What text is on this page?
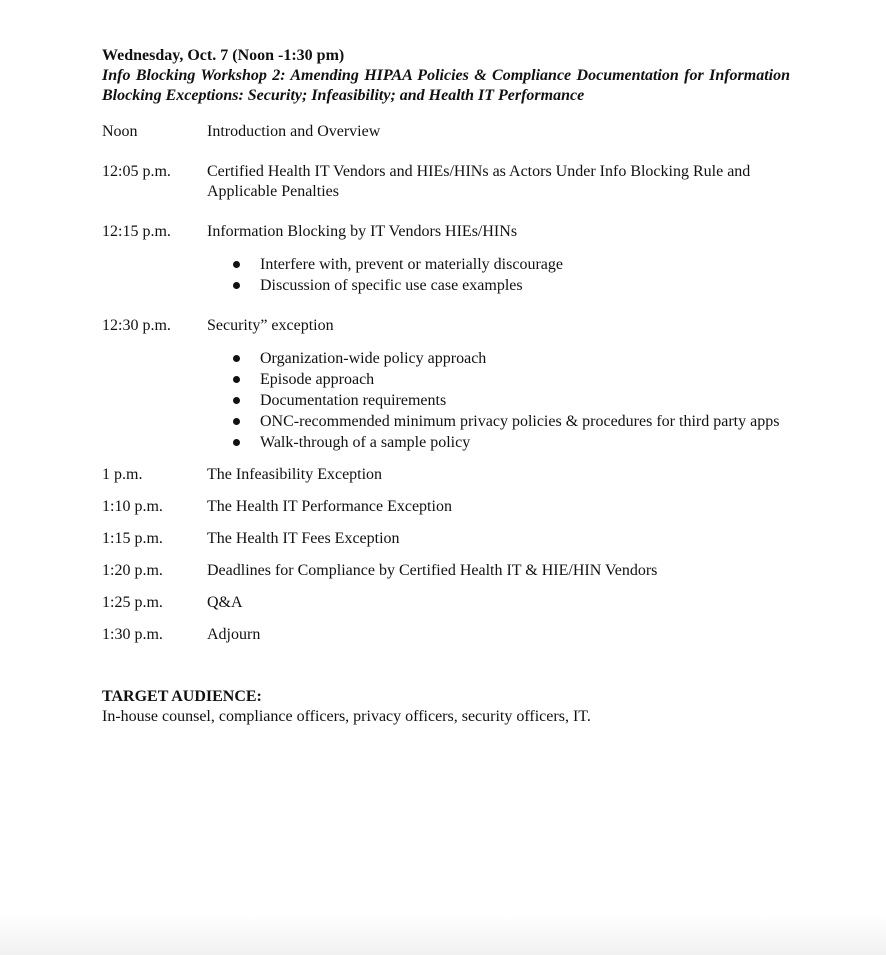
Wednesday, Oct. 7 (Noon -1:30 pm)

Info Blocking Workshop 2: Amending HIPAA Policies & Compliance Documentation for Information Blocking Exceptions: Security; Infeasibility; and Health IT Performance

Noon	Introduction and Overview
12:05 p.m.	Certified Health IT Vendors and HIEs/HINs as Actors Under Info Blocking Rule and Applicable Penalties
12:15 p.m.	Information Blocking by IT Vendors HIEs/HINs
Interfere with, prevent or materially discourage
Discussion of specific use case examples
12:30 p.m.	Security” exception
Organization-wide policy approach
Episode approach
Documentation requirements
ONC-recommended minimum privacy policies & procedures for third party apps
Walk-through of a sample policy
1 p.m.	The Infeasibility Exception
1:10 p.m.	The Health IT Performance Exception
1:15 p.m.	The Health IT Fees Exception
1:20 p.m.	Deadlines for Compliance by Certified Health IT & HIE/HIN Vendors
1:25 p.m.	Q&A
1:30 p.m.	Adjourn
TARGET AUDIENCE:
In-house counsel, compliance officers, privacy officers, security officers, IT.
